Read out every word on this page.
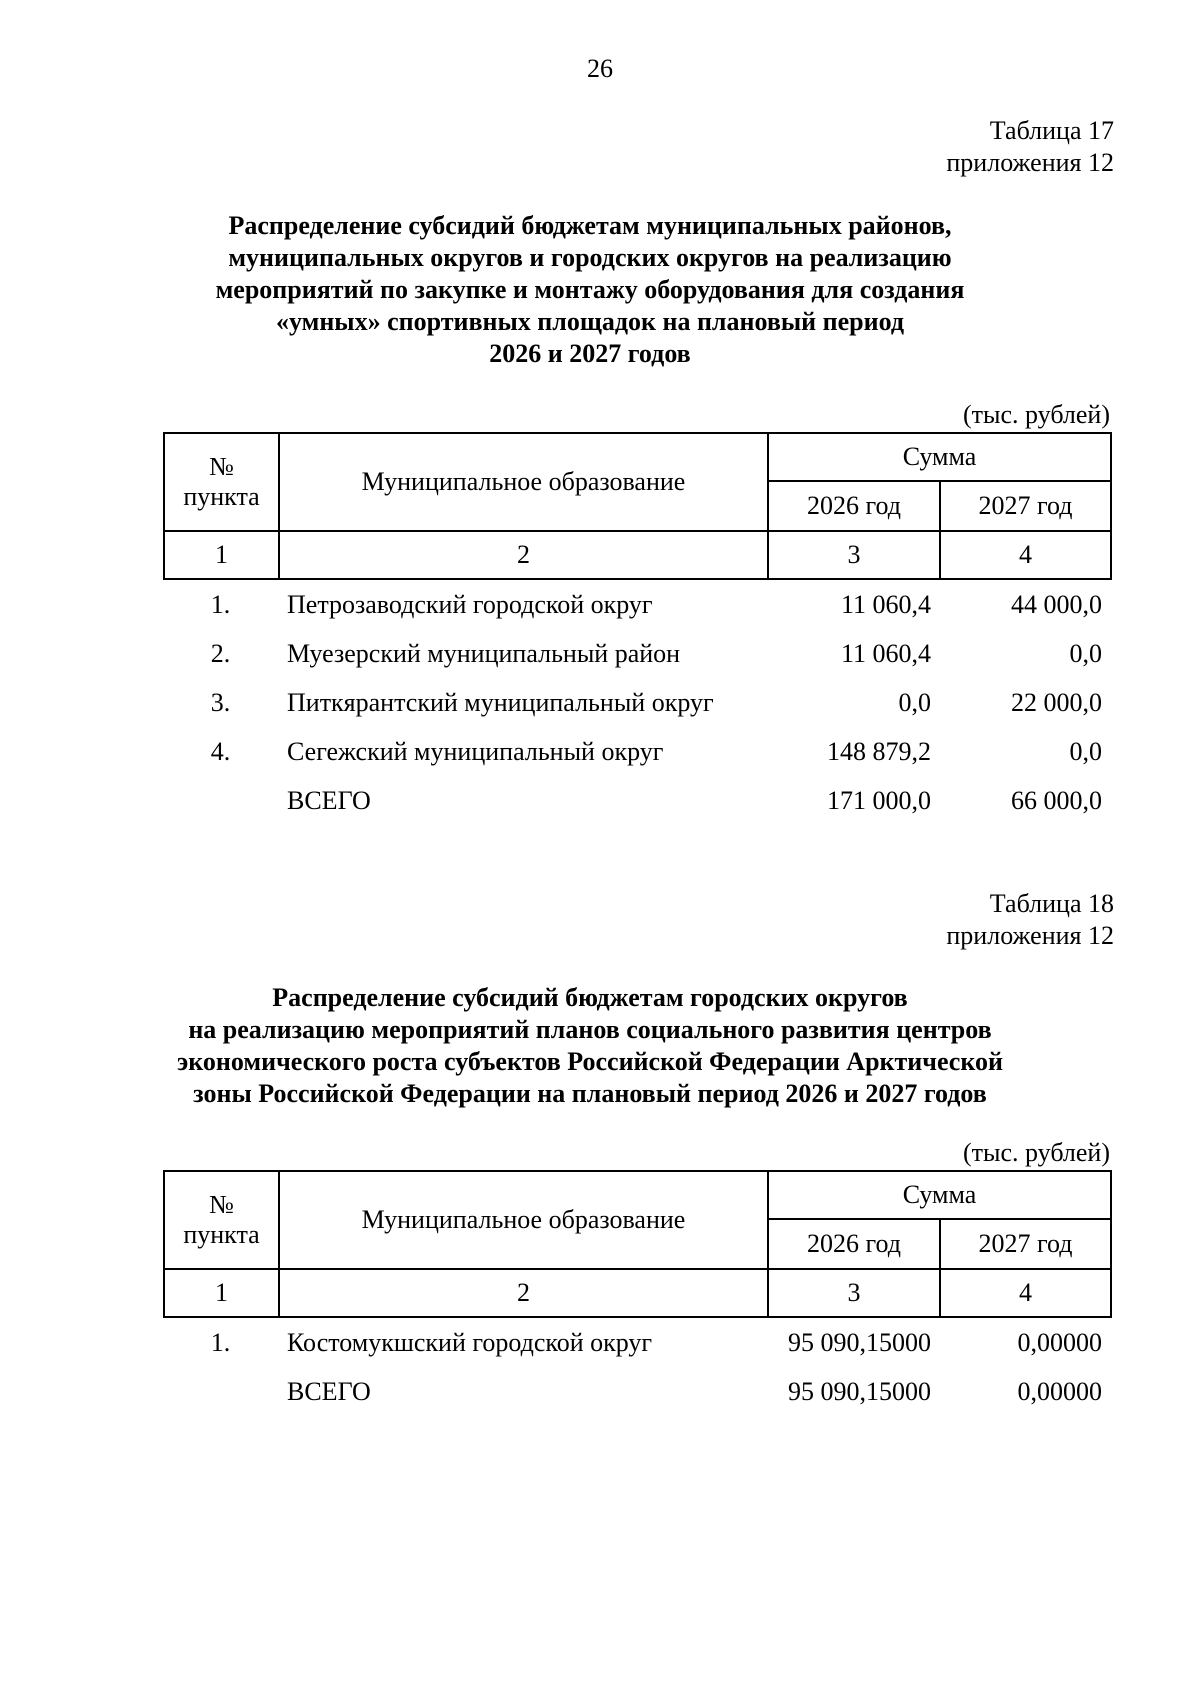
26
Таблица 17
приложения 12
Распределение субсидий бюджетам муниципальных районов,
муниципальных округов и городских округов на реализацию
мероприятий по закупке и монтажу оборудования для создания
«умных» спортивных площадок на плановый период
2026 и 2027 годов
(тыс. рублей)
№
пункта	Муниципальное образование	Сумма	
		2026 год	2027 год
1	2	3	4
1.	Петрозаводский городской округ	11 060,4	44 000,0
2.	Муезерский муниципальный район	11 060,4	0,0
3.	Питкярантский муниципальный округ	0,0	22 000,0
4.	Сегежский муниципальный округ	148 879,2	0,0
	ВСЕГО	171 000,0	66 000,0
Таблица 18
приложения 12
Распределение субсидий бюджетам городских округов
на реализацию мероприятий планов социального развития центров
экономического роста субъектов Российской Федерации Арктической
зоны Российской Федерации на плановый период 2026 и 2027 годов
(тыс. рублей)
№
пункта	Муниципальное образование	Сумма	
		2026 год	2027 год
1	2	3	4
1.	Костомукшский городской округ	95 090,15000	0,00000
	ВСЕГО	95 090,15000	0,00000
